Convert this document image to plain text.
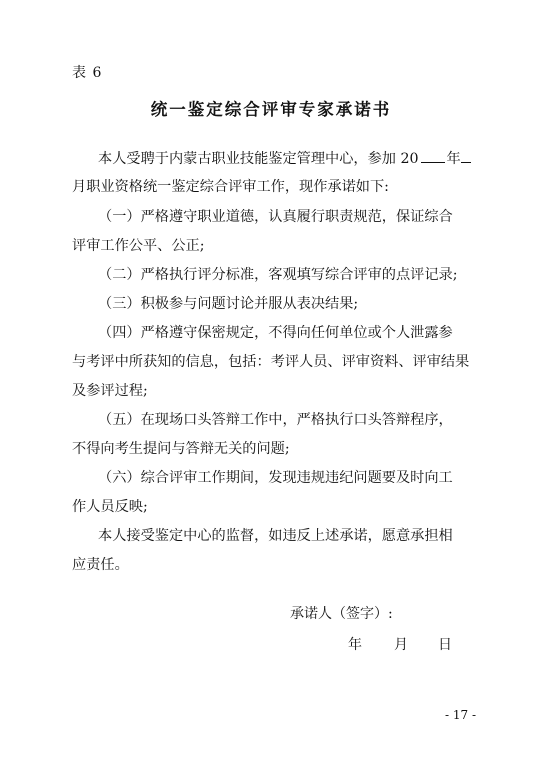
表 6
统一鉴定综合评审专家承诺书
本人受聘于内蒙古职业技能鉴定管理中心，参加 20 年
月职业资格统一鉴定综合评审工作，现作承诺如下:
（一）严格遵守职业道德，认真履行职责规范，保证综合
评审工作公平、公正;
（二）严格执行评分标准，客观填写综合评审的点评记录;
（三）积极参与问题讨论并服从表决结果;
（四）严格遵守保密规定，不得向任何单位或个人泄露参
与考评中所获知的信息，包括：考评人员、评审资料、评审结果
及参评过程;
（五）在现场口头答辩工作中，严格执行口头答辩程序，
不得向考生提问与答辩无关的问题;
（六）综合评审工作期间，发现违规违纪问题要及时向工
作人员反映;
本人接受鉴定中心的监督，如违反上述承诺，愿意承担相
应责任。
承诺人（签字）:
年 月 日
- 17 -
